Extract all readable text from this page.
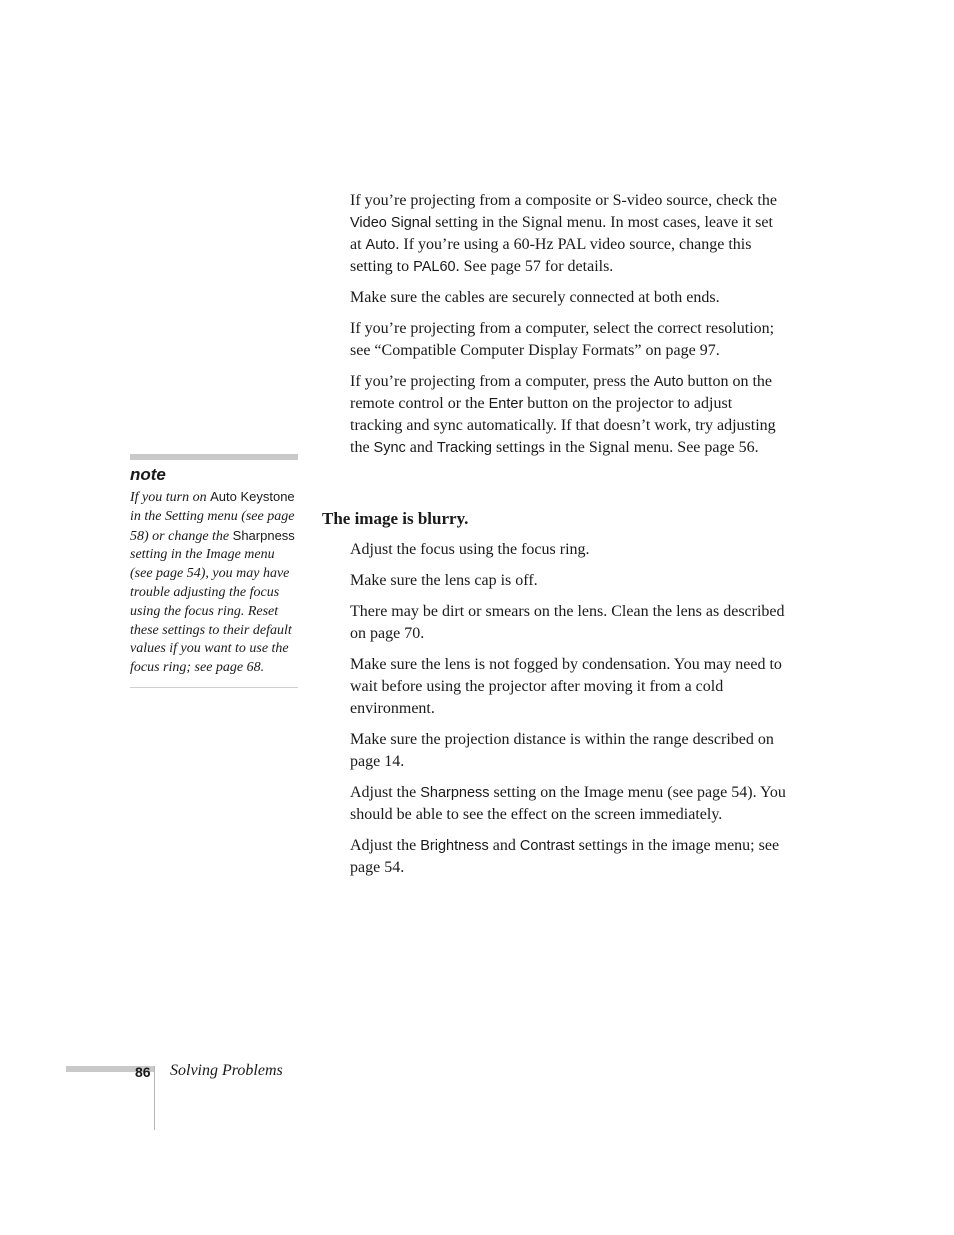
If you’re projecting from a composite or S-video source, check the Video Signal setting in the Signal menu. In most cases, leave it set at Auto. If you’re using a 60-Hz PAL video source, change this setting to PAL60. See page 57 for details.

Make sure the cables are securely connected at both ends.

If you’re projecting from a computer, select the correct resolution; see “Compatible Computer Display Formats” on page 97.

If you’re projecting from a computer, press the Auto button on the remote control or the Enter button on the projector to adjust tracking and sync automatically. If that doesn’t work, try adjusting the Sync and Tracking settings in the Signal menu. See page 56.

The image is blurry.

Adjust the focus using the focus ring.

Make sure the lens cap is off.

There may be dirt or smears on the lens. Clean the lens as described on page 70.

Make sure the lens is not fogged by condensation. You may need to wait before using the projector after moving it from a cold environment.

Make sure the projection distance is within the range described on page 14.

Adjust the Sharpness setting on the Image menu (see page 54). You should be able to see the effect on the screen immediately.

Adjust the Brightness and Contrast settings in the image menu; see page 54.

note

If you turn on Auto Keystone in the Setting menu (see page 58) or change the Sharpness setting in the Image menu (see page 54), you may have trouble adjusting the focus using the focus ring. Reset these settings to their default values if you want to use the focus ring; see page 68.

86 Solving Problems
